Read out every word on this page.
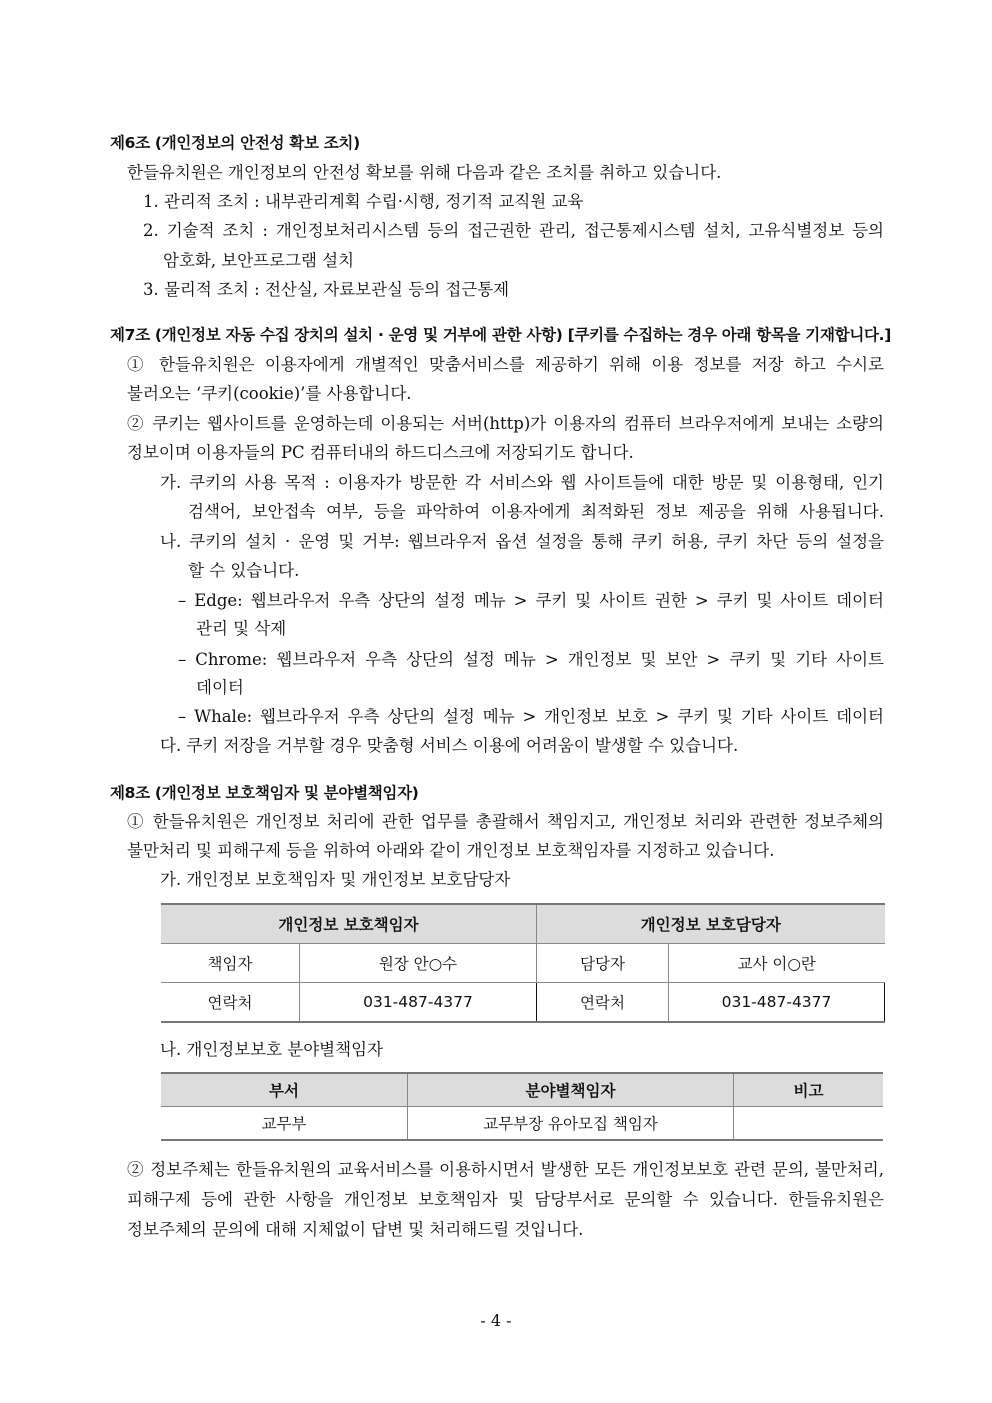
제6조 (개인정보의 안전성 확보 조치)
한들유치원은 개인정보의 안전성 확보를 위해 다음과 같은 조치를 취하고 있습니다.
1. 관리적 조치 : 내부관리계획 수립·시행, 정기적 교직원 교육
2. 기술적 조치 : 개인정보처리시스템 등의 접근권한 관리, 접근통제시스템 설치, 고유식별정보 등의
암호화, 보안프로그램 설치
3. 물리적 조치 : 전산실, 자료보관실 등의 접근통제
제7조 (개인정보 자동 수집 장치의 설치 · 운영 및 거부에 관한 사항) [쿠키를 수집하는 경우 아래 항목을 기재합니다.]
① 한들유치원은 이용자에게 개별적인 맞춤서비스를 제공하기 위해 이용 정보를 저장 하고 수시로
불러오는 ‘쿠키(cookie)’를 사용합니다.
② 쿠키는 웹사이트를 운영하는데 이용되는 서버(http)가 이용자의 컴퓨터 브라우저에게 보내는 소량의
정보이며 이용자들의 PC 컴퓨터내의 하드디스크에 저장되기도 합니다.
가. 쿠키의 사용 목적 : 이용자가 방문한 각 서비스와 웹 사이트들에 대한 방문 및 이용형태, 인기
검색어, 보안접속 여부, 등을 파악하여 이용자에게 최적화된 정보 제공을 위해 사용됩니다.
나. 쿠키의 설치 · 운영 및 거부: 웹브라우저 옵션 설정을 통해 쿠키 허용, 쿠키 차단 등의 설정을
할 수 있습니다.
– Edge: 웹브라우저 우측 상단의 설정 메뉴 > 쿠키 및 사이트 권한 > 쿠키 및 사이트 데이터
관리 및 삭제
– Chrome: 웹브라우저 우측 상단의 설정 메뉴 > 개인정보 및 보안 > 쿠키 및 기타 사이트
데이터
– Whale: 웹브라우저 우측 상단의 설정 메뉴 > 개인정보 보호 > 쿠키 및 기타 사이트 데이터
다. 쿠키 저장을 거부할 경우 맞춤형 서비스 이용에 어려움이 발생할 수 있습니다.
제8조 (개인정보 보호책임자 및 분야별책임자)
① 한들유치원은 개인정보 처리에 관한 업무를 총괄해서 책임지고, 개인정보 처리와 관련한 정보주체의
불만처리 및 피해구제 등을 위하여 아래와 같이 개인정보 보호책임자를 지정하고 있습니다.
가. 개인정보 보호책임자 및 개인정보 보호담당자
개인정보 보호책임자		개인정보 보호담당자	
책임자	원장 안○수	담당자	교사 이○란
연락처	031-487-4377	연락처	031-487-4377
나. 개인정보보호 분야별책임자
부서	분야별책임자	비고
교무부	교무부장 유아모집 책임자	
② 정보주체는 한들유치원의 교육서비스를 이용하시면서 발생한 모든 개인정보보호 관련 문의, 불만처리,
피해구제 등에 관한 사항을 개인정보 보호책임자 및 담당부서로 문의할 수 있습니다. 한들유치원은
정보주체의 문의에 대해 지체없이 답변 및 처리해드릴 것입니다.
- 4 -
